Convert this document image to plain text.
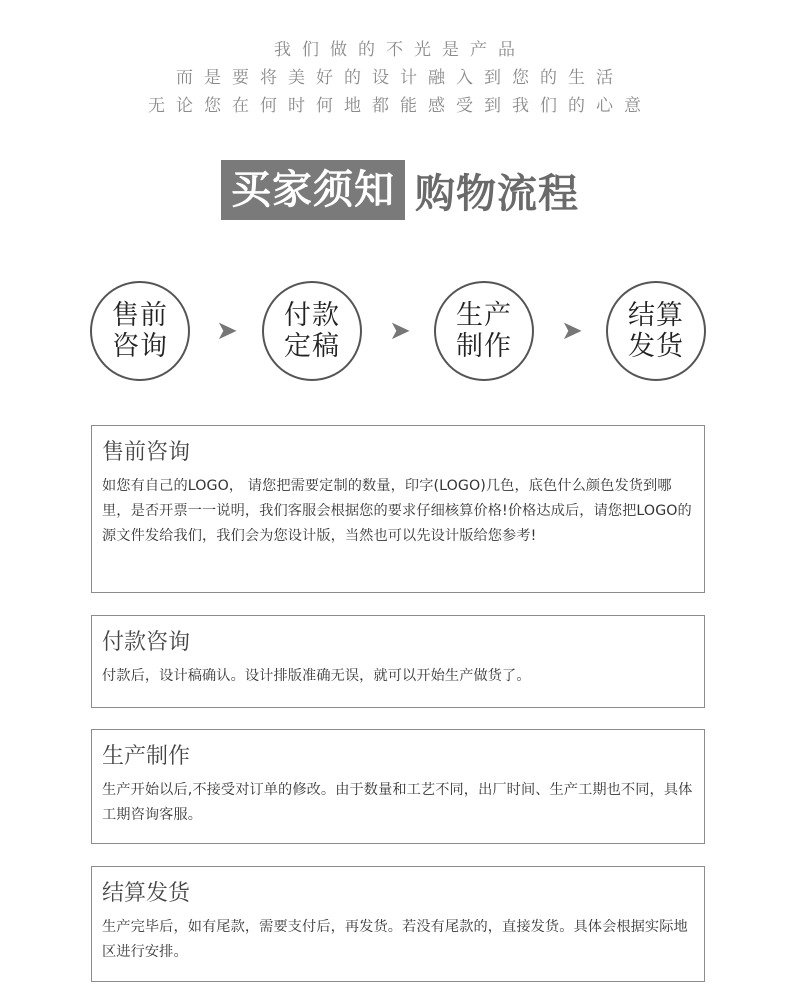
我们做的不光是产品
而是要将美好的设计融入到您的生活
无论您在何时何地都能感受到我们的心意
买家须知 购物流程
售前
咨询 ➤ 付款
定稿 ➤ 生产
制作 ➤ 结算
发货
售前咨询

如您有自己的LOGO， 请您把需要定制的数量，印字(LOGO)几色，底色什么颜色发货到哪里，是否开票一一说明，我们客服会根据您的要求仔细核算价格!价格达成后，请您把LOGO的源文件发给我们，我们会为您设计版，当然也可以先设计版给您参考!

付款咨询

付款后，设计稿确认。设计排版准确无误，就可以开始生产做货了。

生产制作

生产开始以后,不接受对订单的修改。由于数量和工艺不同，出厂时间、生产工期也不同，具体工期咨询客服。

结算发货

生产完毕后，如有尾款，需要支付后，再发货。若没有尾款的，直接发货。具体会根据实际地区进行安排。
